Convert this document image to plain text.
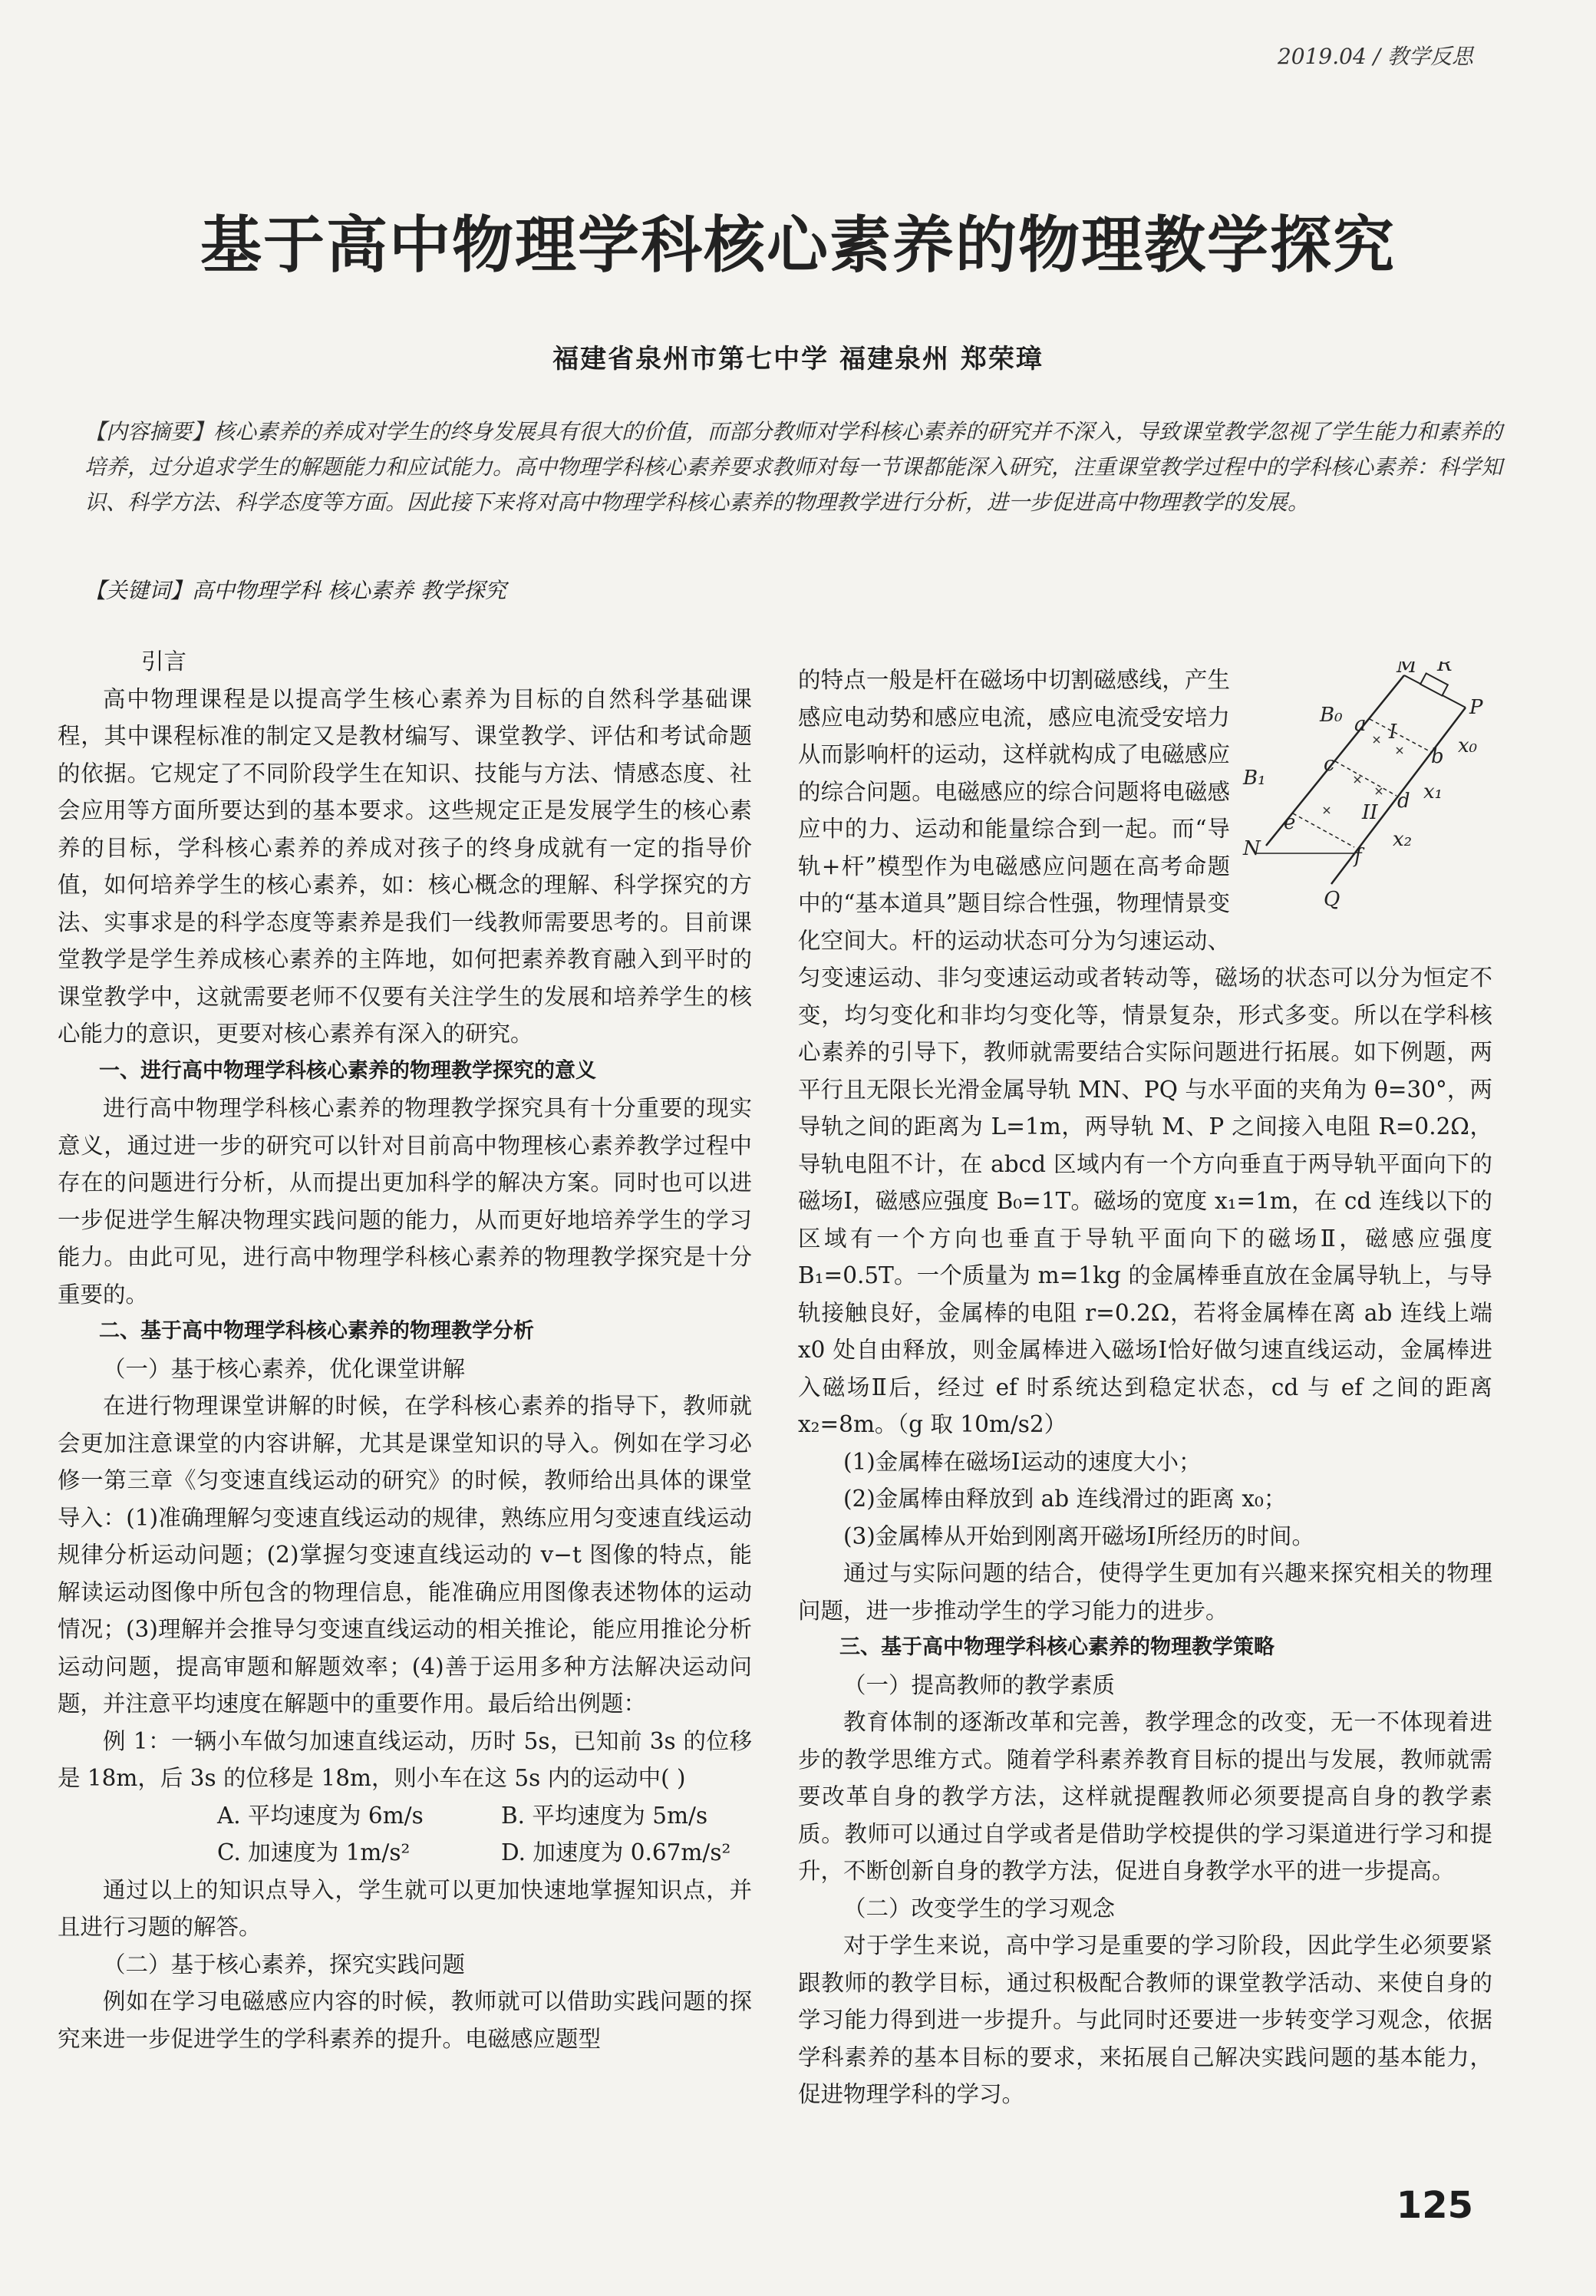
2019.04 / 教学反思
基于高中物理学科核心素养的物理教学探究
福建省泉州市第七中学 福建泉州 郑荣璋
【内容摘要】核心素养的养成对学生的终身发展具有很大的价值，而部分教师对学科核心素养的研究并不深入，导致课堂教学忽视了学生能力和素养的培养，过分追求学生的解题能力和应试能力。高中物理学科核心素养要求教师对每一节课都能深入研究，注重课堂教学过程中的学科核心素养：科学知识、科学方法、科学态度等方面。因此接下来将对高中物理学科核心素养的物理教学进行分析，进一步促进高中物理教学的发展。
【关键词】高中物理学科 核心素养 教学探究

引言

高中物理课程是以提高学生核心素养为目标的自然科学基础课程，其中课程标准的制定又是教材编写、课堂教学、评估和考试命题的依据。它规定了不同阶段学生在知识、技能与方法、情感态度、社会应用等方面所要达到的基本要求。这些规定正是发展学生的核心素养的目标，学科核心素养的养成对孩子的终身成就有一定的指导价值，如何培养学生的核心素养，如：核心概念的理解、科学探究的方法、实事求是的科学态度等素养是我们一线教师需要思考的。目前课堂教学是学生养成核心素养的主阵地，如何把素养教育融入到平时的课堂教学中，这就需要老师不仅要有关注学生的发展和培养学生的核心能力的意识，更要对核心素养有深入的研究。

一、进行高中物理学科核心素养的物理教学探究的意义

进行高中物理学科核心素养的物理教学探究具有十分重要的现实意义，通过进一步的研究可以针对目前高中物理核心素养教学过程中存在的问题进行分析，从而提出更加科学的解决方案。同时也可以进一步促进学生解决物理实践问题的能力，从而更好地培养学生的学习能力。由此可见，进行高中物理学科核心素养的物理教学探究是十分重要的。

二、基于高中物理学科核心素养的物理教学分析

（一）基于核心素养，优化课堂讲解

在进行物理课堂讲解的时候，在学科核心素养的指导下，教师就会更加注意课堂的内容讲解，尤其是课堂知识的导入。例如在学习必修一第三章《匀变速直线运动的研究》的时候，教师给出具体的课堂导入：(1)准确理解匀变速直线运动的规律，熟练应用匀变速直线运动规律分析运动问题；(2)掌握匀变速直线运动的 v−t 图像的特点，能解读运动图像中所包含的物理信息，能准确应用图像表述物体的运动情况；(3)理解并会推导匀变速直线运动的相关推论，能应用推论分析运动问题，提高审题和解题效率；(4)善于运用多种方法解决运动问题，并注意平均速度在解题中的重要作用。最后给出例题：

例 1：一辆小车做匀加速直线运动，历时 5s，已知前 3s 的位移是 18m，后 3s 的位移是 18m，则小车在这 5s 内的运动中( )

A. 平均速度为 6m/s	B. 平均速度为 5m/s

C. 加速度为 1m/s²	D. 加速度为 0.67m/s²

通过以上的知识点导入，学生就可以更加快速地掌握知识点，并且进行习题的解答。

（二）基于核心素养，探究实践问题

例如在学习电磁感应内容的时候，教师就可以借助实践问题的探究来进一步促进学生的学科素养的提升。电磁感应题型

M R
P
B₀
B₁
a
b
c
d
x₀
x₁
x₂
I
II
N
e
f
Q

的特点一般是杆在磁场中切割磁感线，产生感应电动势和感应电流，感应电流受安培力从而影响杆的运动，这样就构成了电磁感应的综合问题。电磁感应的综合问题将电磁感应中的力、运动和能量综合到一起。而“导轨+杆”模型作为电磁感应问题在高考命题中的“基本道具”题目综合性强，物理情景变化空间大。杆的运动状态可分为匀速运动、匀变速运动、非匀变速运动或者转动等，磁场的状态可以分为恒定不变，均匀变化和非均匀变化等，情景复杂，形式多变。所以在学科核心素养的引导下，教师就需要结合实际问题进行拓展。如下例题，两平行且无限长光滑金属导轨 MN、PQ 与水平面的夹角为 θ=30°，两导轨之间的距离为 L=1m，两导轨 M、P 之间接入电阻 R=0.2Ω，导轨电阻不计，在 abcd 区域内有一个方向垂直于两导轨平面向下的磁场Ⅰ，磁感应强度 B₀=1T。磁场的宽度 x₁=1m，在 cd 连线以下的区域有一个方向也垂直于导轨平面向下的磁场Ⅱ，磁感应强度 B₁=0.5T。一个质量为 m=1kg 的金属棒垂直放在金属导轨上，与导轨接触良好，金属棒的电阻 r=0.2Ω，若将金属棒在离 ab 连线上端 x0 处自由释放，则金属棒进入磁场Ⅰ恰好做匀速直线运动，金属棒进入磁场Ⅱ后，经过 ef 时系统达到稳定状态，cd 与 ef 之间的距离 x₂=8m。（g 取 10m/s2）

(1)金属棒在磁场Ⅰ运动的速度大小；

(2)金属棒由释放到 ab 连线滑过的距离 x₀；

(3)金属棒从开始到刚离开磁场Ⅰ所经历的时间。

通过与实际问题的结合，使得学生更加有兴趣来探究相关的物理问题，进一步推动学生的学习能力的进步。

三、基于高中物理学科核心素养的物理教学策略

（一）提高教师的教学素质

教育体制的逐渐改革和完善，教学理念的改变，无一不体现着进步的教学思维方式。随着学科素养教育目标的提出与发展，教师就需要改革自身的教学方法，这样就提醒教师必须要提高自身的教学素质。教师可以通过自学或者是借助学校提供的学习渠道进行学习和提升，不断创新自身的教学方法，促进自身教学水平的进一步提高。

（二）改变学生的学习观念

对于学生来说，高中学习是重要的学习阶段，因此学生必须要紧跟教师的教学目标，通过积极配合教师的课堂教学活动、来使自身的学习能力得到进一步提升。与此同时还要进一步转变学习观念，依据学科素养的基本目标的要求，来拓展自己解决实践问题的基本能力，促进物理学科的学习。

125
